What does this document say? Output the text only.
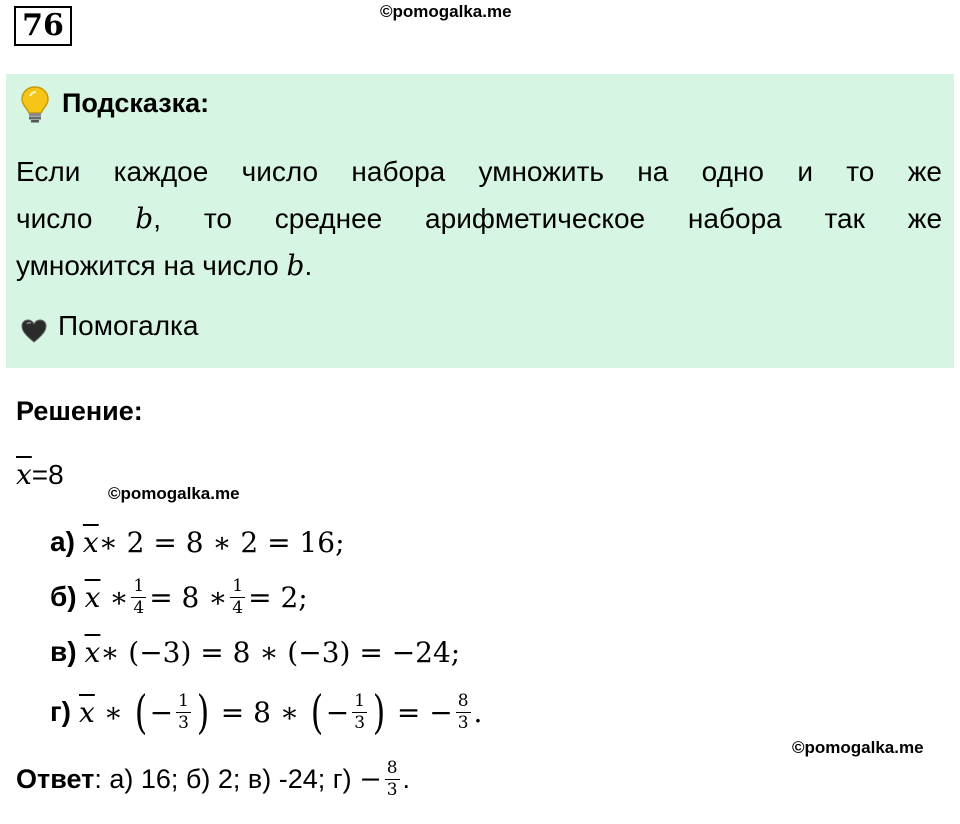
76	©pomogalka.me
Подсказка:
Если каждое число набора умножить на одно и то же
число b, то среднее арифметическое набора так же
умножится на число b.
Помогалка
Решение:
$\overline{x}=8$
©pomogalka.me
а) $\overline{x}$ ∗ 2 = 8 ∗ 2 = 16;
б) $\overline{x}$ ∗ $\frac{1}{4} = 8$ ∗ $\frac{1}{4} = 2$;
в) $\overline{x}$ ∗ (−3) = 8 ∗ (−3) = −24;
г) $\overline{x}$ ∗ ( − $\frac{1}{3}$ ) = 8 ∗ ( − $\frac{1}{3}$ ) = − $\frac{8}{3}$ .
©pomogalka.me
Ответ : а) 16; б) 2; в) -24; $г) - \frac{8}{3}$ .
